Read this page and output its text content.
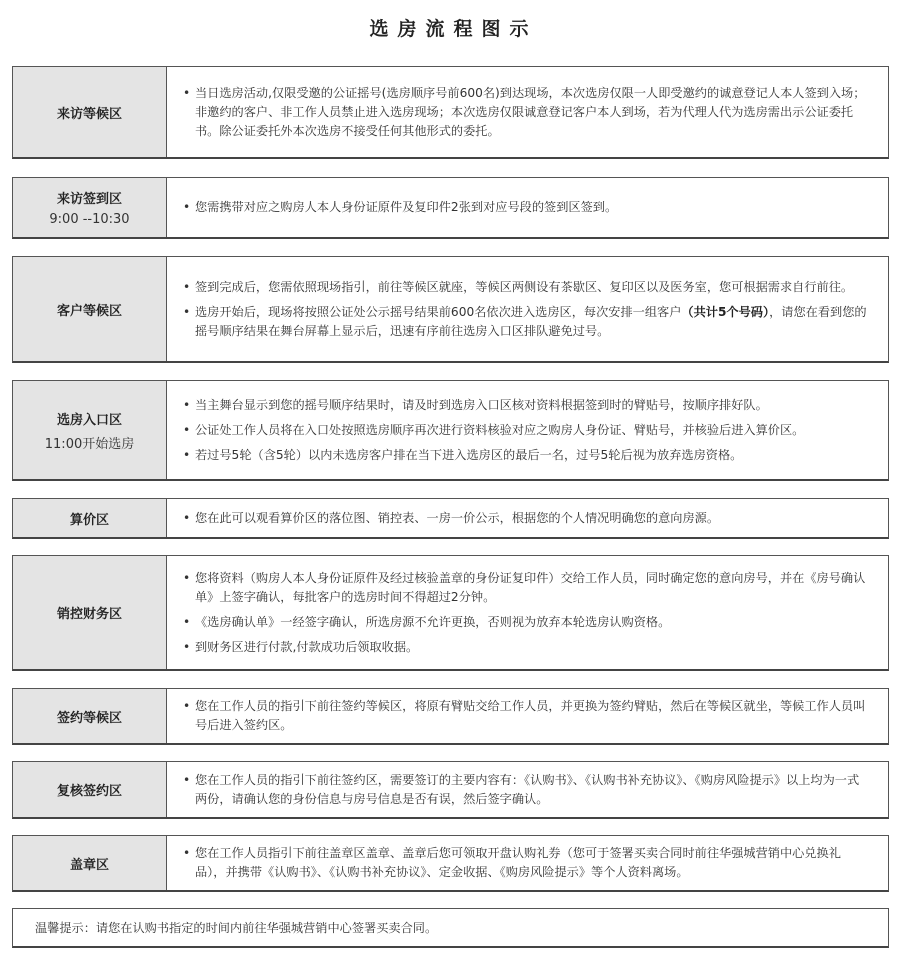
选房流程图示
来访等候区
• 当日选房活动,仅限受邀的公证摇号(选房顺序号前600名)到达现场，本次选房仅限一人即受邀约的诚意登记人本人签到入场；非邀约的客户、非工作人员禁止进入选房现场；本次选房仅限诚意登记客户本人到场，若为代理人代为选房需出示公证委托书。除公证委托外本次选房不接受任何其他形式的委托。
来访签到区
9:00 --10:30
• 您需携带对应之购房人本人身份证原件及复印件2张到对应号段的签到区签到。
客户等候区
• 签到完成后，您需依照现场指引，前往等候区就座，等候区两侧设有茶歇区、复印区以及医务室，您可根据需求自行前往。
• 选房开始后，现场将按照公证处公示摇号结果前600名依次进入选房区，每次安排一组客户（共计5个号码），请您在看到您的摇号顺序结果在舞台屏幕上显示后，迅速有序前往选房入口区排队避免过号。
选房入口区
11:00开始选房
• 当主舞台显示到您的摇号顺序结果时，请及时到选房入口区核对资料根据签到时的臂贴号，按顺序排好队。
• 公证处工作人员将在入口处按照选房顺序再次进行资料核验对应之购房人身份证、臂贴号，并核验后进入算价区。
• 若过号5轮（含5轮）以内未选房客户排在当下进入选房区的最后一名，过号5轮后视为放弃选房资格。
算价区	• 您在此可以观看算价区的落位图、销控表、一房一价公示，根据您的个人情况明确您的意向房源。
销控财务区
• 您将资料（购房人本人身份证原件及经过核验盖章的身份证复印件）交给工作人员，同时确定您的意向房号，并在《房号确认单》上签字确认，每批客户的选房时间不得超过2分钟。
• 《选房确认单》一经签字确认，所选房源不允许更换，否则视为放弃本轮选房认购资格。
• 到财务区进行付款,付款成功后领取收据。
签约等候区
• 您在工作人员的指引下前往签约等候区，将原有臂贴交给工作人员，并更换为签约臂贴，然后在等候区就坐，等候工作人员叫号后进入签约区。
复核签约区
• 您在工作人员的指引下前往签约区，需要签订的主要内容有：《认购书》、《认购书补充协议》、《购房风险提示》以上均为一式两份，请确认您的身份信息与房号信息是否有误，然后签字确认。
盖章区
• 您在工作人员指引下前往盖章区盖章、盖章后您可领取开盘认购礼券（您可于签署买卖合同时前往华强城营销中心兑换礼品），并携带《认购书》、《认购书补充协议》、定金收据、《购房风险提示》等个人资料离场。
温馨提示：请您在认购书指定的时间内前往华强城营销中心签署买卖合同。
